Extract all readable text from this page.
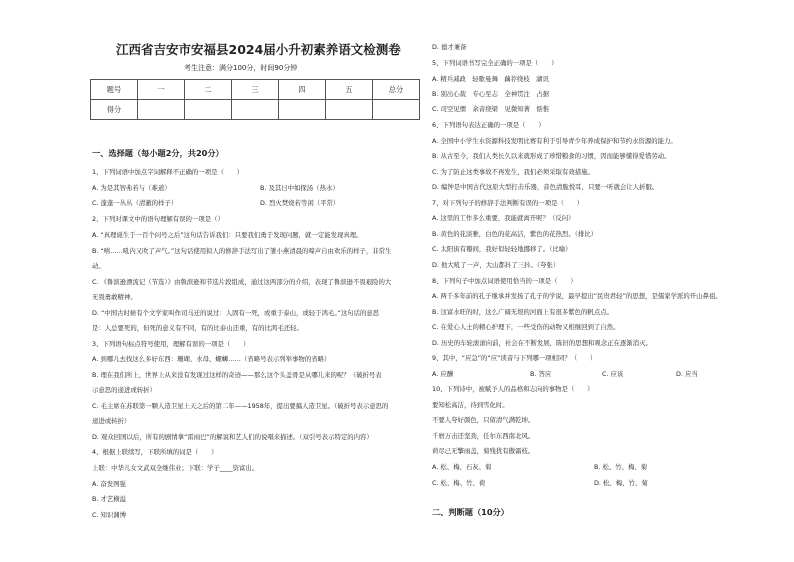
江西省吉安市安福县2024届小升初素养语文检测卷
考生注意：满分100分，时间90分钟
题号	一	二	三	四	五	总分
得分						
一、选择题（每小题2分，共20分）
二、判断题（10分）
1、下列词语中加点字词解释不正确的一项是（　　）
A. 为是其智弗若与（难道）	B. 及其日中如探汤（热水）
C. 蓬蓬一丛丛（清澈的样子）	D. 烈火焚烧若等闲（平常）
2、下列对课文中的语句理解有误的一项是（）
A. “真理诞生于一百个问号之后”这句话告诉我们：只要我们勇于发现问题，就一定能发现真理。
B. “嘻……吼内又吹了声气。”这句话使用拟人的修辞手法写出了雏小燕清晨的啼声自由欢乐的样子，非常生
动。
C. 《鲁滨逊漂流记（节选）》由鲁滨逊和节选片段组成，通过这两部分的介绍，表现了鲁滨逊不畏艰险的大
无畏勇敢精神。
D. “中国古时候有个文学家叫作司马迁的说过：人固有一死，或重于泰山，或轻于鸿毛。”这句话的意思
是：人总要死的，但死的意义有不同，有的比泰山还重，有的比鸿毛还轻。
3、下列语句标点符号使用，理解有误的一项是（　　）
A. 到哪儿去找这么多好东西：珊瑚、水母、螺蛳……（省略号表示列举事物的省略）
B. 理在我们所上，世界上从来没有发现过这样的奇迹——那么这个头盖骨是从哪儿来的呢？（破折号表
示意思的递进或转折）
C. 毛主席在苏联第一颗人造卫星上天之后的第二年——1958年，提出要搞人造卫星。（破折号表示意思的
递进或转折）
D. 观众回国以后，所有的剧情拿“雷雨巴”的解说和艺人们的说唱来描述。（双引号表示特定的内容）
4、根据上联续写，下联所填的词是（　　）
上联：中华儿女文武双全继伟业；下联：学子____资富出。
A. 奋发图强
B. 才艺横溢
C. 知识渊博
D. 德才兼备
5、下列词语书写完全正确的一项是（　　）
A. 精兵减政　轻歌曼舞　藕荐绕枝　湖讯
B. 别出心裁　专心至志　全神贯注　占据
C. 司空见惯　余音绕梁　见微知著　惦惟
6、下列语句表达正确的一项是（　　）
A. 全国中小学生水资源科技发明比赛有利于引导青少年养成保护和节约水资源的能力。
B. 从古至今，我们人类长久以来就形成了珍惜粮食的习惯，因而能够懂得爱惜劳动。
C. 为了防止这类事故不再发生，我们必须采取有效措施。
D. 编钟是中国古代这原大型打击乐器，音色清脆悦耳，只要一听就会让人折服。
7、对下列句子的修辞手法判断有误的一项是（　　）
A. 这里的工作多么重要，我能就离开呢？（反问）
B. 黄色的花淡雅，白色的花高洁，紫色的花热烈。（排比）
C. 太阳街有瓣间，我好似轻轻地挪移了。（比喻）
D. 他大吼了一声，大山都抖了三抖。（夸张）
8、下列句子中加点词语使用恰当的一项是（　　）
A. 两千多年前的孔子继承并发扬了孔子的学说，最早提出“民贵君轻”的思想，是儒家学派的开山鼻祖。
B. 这富水旺的时，这么广阔无垠的河面上有很多紫色的帆点点。
C. 在爱心人士的精心护理下，一些受伤的动物又相继回到了自然。
D. 历史的车轮滚滚向前，社会在不断发展，陈旧的思想和观念正在逐渐消灭。
9、其中，“应急”的“应”读音与下列哪一项相同？（　　）
A. 应酬	B. 答应	C. 应该	D. 应当
10、下列诗中，被赋予人的品格和志向的事物是（　　）
要知松高洁，待到雪化时。
不要人夸好颜色，只留清气满乾坤。
千磨万击还坚劲，任尔东西南北风。
荷尽已无擎雨盖，菊残犹有傲霜枝。
A. 松、梅、石灰、菊	B. 松、竹、梅、菊
C. 松、梅、竹、荷	D. 松、梅、竹、菊
